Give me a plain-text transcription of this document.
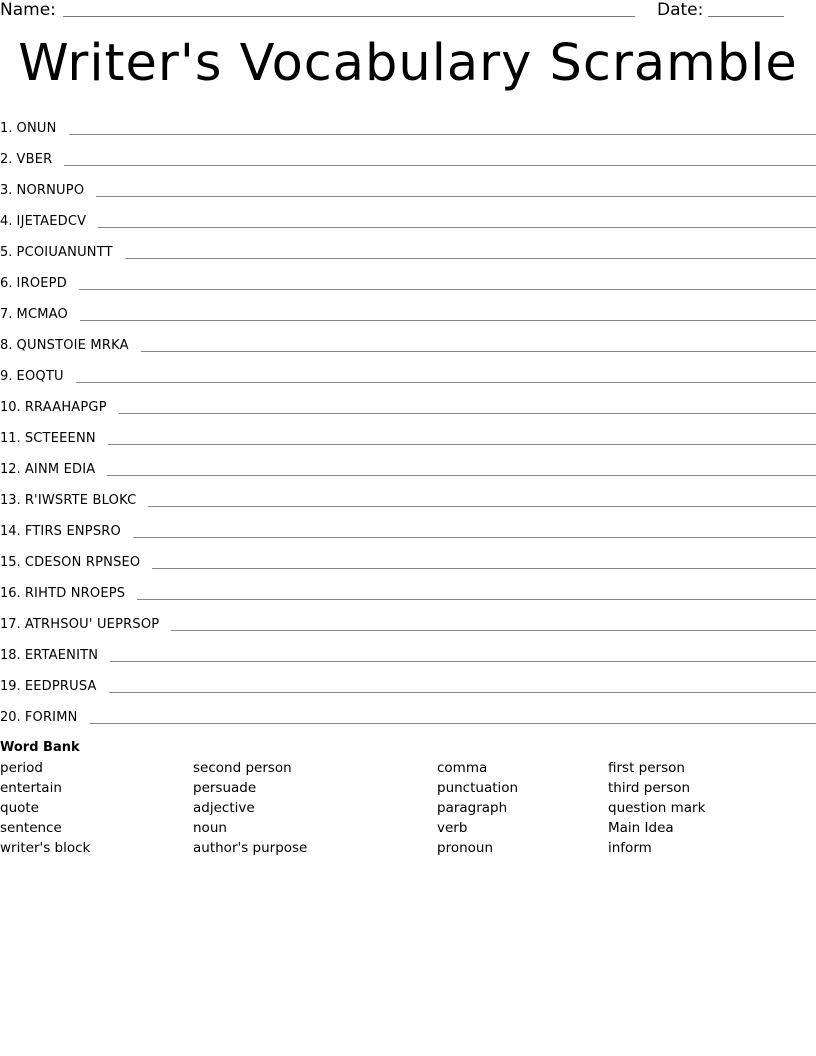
Name:	Date:
Writer's Vocabulary Scramble
1. ONUN
2. VBER
3. NORNUPO
4. IJETAEDCV
5. PCOIUANUNTT
6. IROEPD
7. MCMAO
8. QUNSTOIE MRKA
9. EOQTU
10. RRAAHAPGP
11. SCTEEENN
12. AINM EDIA
13. R'IWSRTE BLOKC
14. FTIRS ENPSRO
15. CDESON RPNSEO
16. RIHTD NROEPS
17. ATRHSOU' UEPRSOP
18. ERTAENITN
19. EEDPRUSA
20. FORIMN
Word Bank
period	second person	comma	first person
entertain	persuade	punctuation	third person
quote	adjective	paragraph	question mark
sentence	noun	verb	Main Idea
writer's block	author's purpose	pronoun	inform
